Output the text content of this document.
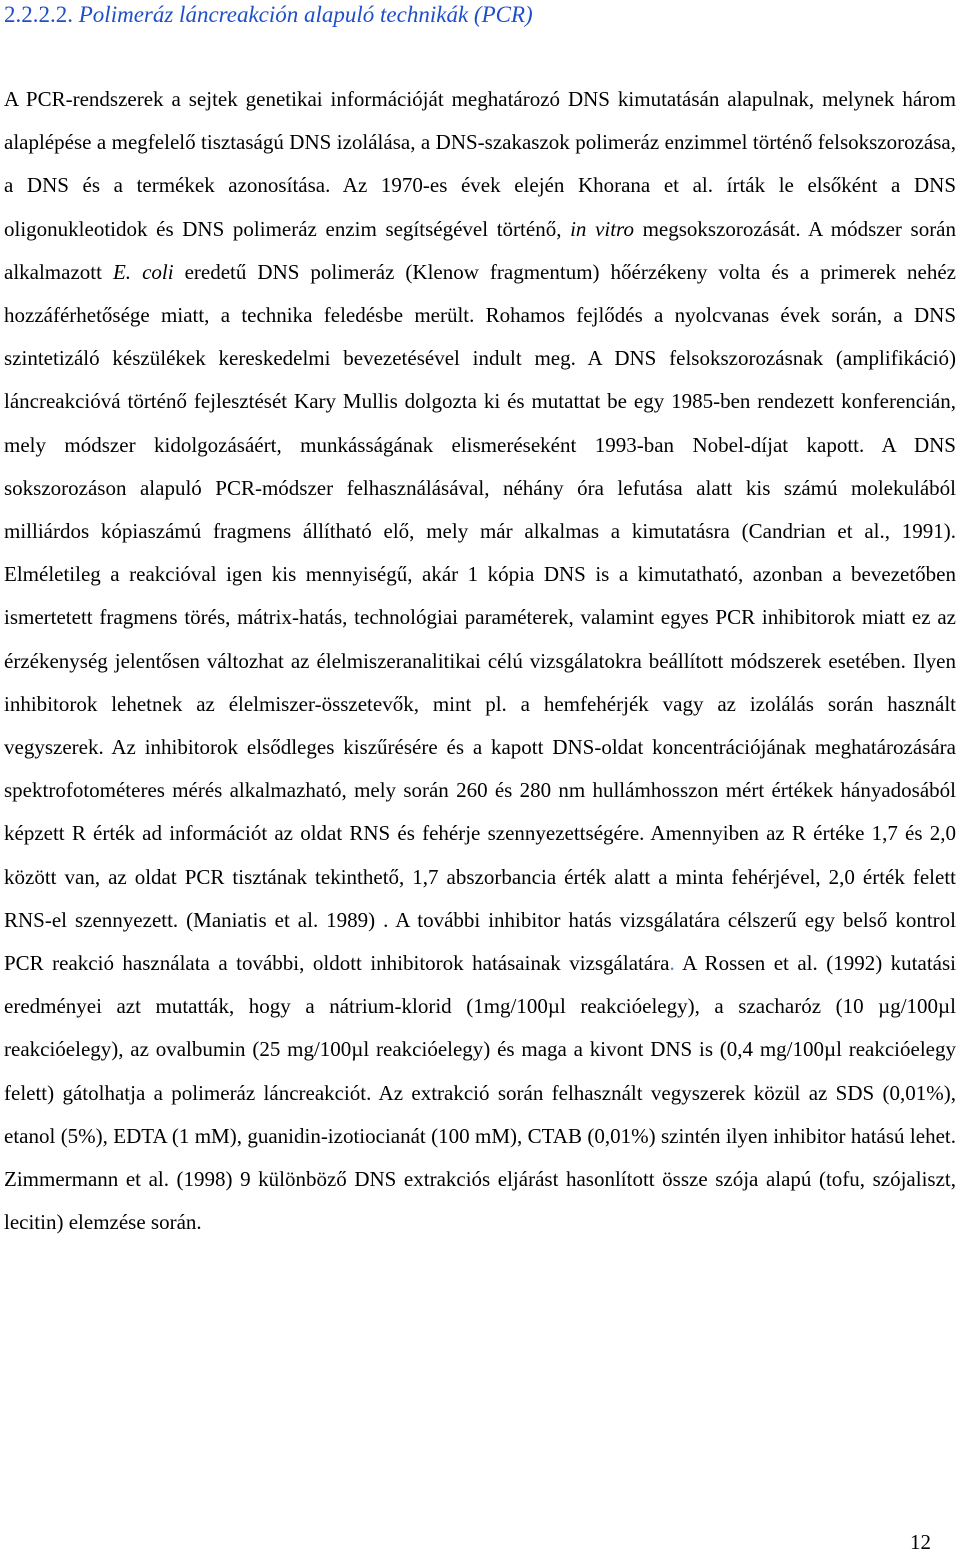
2.2.2.2. Polimeráz láncreakción alapuló technikák (PCR)

A PCR-rendszerek a sejtek genetikai információját meghatározó DNS kimutatásán alapulnak, melynek három alaplépése a megfelelő tisztaságú DNS izolálása, a DNS-szakaszok polimeráz enzimmel történő felsokszorozása, a DNS és a termékek azonosítása. Az 1970-es évek elején Khorana et al. írták le elsőként a DNS oligonukleotidok és DNS polimeráz enzim segítségével történő, in vitro megsokszorozását. A módszer során alkalmazott E. coli eredetű DNS polimeráz (Klenow fragmentum) hőérzékeny volta és a primerek nehéz hozzáférhetősége miatt, a technika feledésbe merült. Rohamos fejlődés a nyolcvanas évek során, a DNS szintetizáló készülékek kereskedelmi bevezetésével indult meg. A DNS felsokszorozásnak (amplifikáció) láncreakcióvá történő fejlesztését Kary Mullis dolgozta ki és mutattat be egy 1985-ben rendezett konferencián, mely módszer kidolgozásáért, munkásságának elismeréseként 1993-ban Nobel-díjat kapott. A DNS sokszorozáson alapuló PCR-módszer felhasználásával, néhány óra lefutása alatt kis számú molekulából milliárdos kópiaszámú fragmens állítható elő, mely már alkalmas a kimutatásra (Candrian et al., 1991). Elméletileg a reakcióval igen kis mennyiségű, akár 1 kópia DNS is a kimutatható, azonban a bevezetőben ismertetett fragmens törés, mátrix-hatás, technológiai paraméterek, valamint egyes PCR inhibitorok miatt ez az érzékenység jelentősen változhat az élelmiszeranalitikai célú vizsgálatokra beállított módszerek esetében. Ilyen inhibitorok lehetnek az élelmiszer-összetevők, mint pl. a hemfehérjék vagy az izolálás során használt vegyszerek. Az inhibitorok elsődleges kiszűrésére és a kapott DNS-oldat koncentrációjának meghatározására spektrofotométeres mérés alkalmazható, mely során 260 és 280 nm hullámhosszon mért értékek hányadosából képzett R érték ad információt az oldat RNS és fehérje szennyezettségére. Amennyiben az R értéke 1,7 és 2,0 között van, az oldat PCR tisztának tekinthető, 1,7 abszorbancia érték alatt a minta fehérjével, 2,0 érték felett RNS-el szennyezett. (Maniatis et al. 1989) . A további inhibitor hatás vizsgálatára célszerű egy belső kontrol PCR reakció használata a további, oldott inhibitorok hatásainak vizsgálatára. A Rossen et al. (1992) kutatási eredményei azt mutatták, hogy a nátrium-klorid (1mg/100µl reakcióelegy), a szacharóz (10 µg/100µl reakcióelegy), az ovalbumin (25 mg/100µl reakcióelegy) és maga a kivont DNS is (0,4 mg/100µl reakcióelegy felett) gátolhatja a polimeráz láncreakciót. Az extrakció során felhasznált vegyszerek közül az SDS (0,01%), etanol (5%), EDTA (1 mM), guanidin-izotiocianát (100 mM), CTAB (0,01%) szintén ilyen inhibitor hatású lehet. Zimmermann et al. (1998) 9 különböző DNS extrakciós eljárást hasonlított össze szója alapú (tofu, szójaliszt, lecitin) elemzése során.

12
